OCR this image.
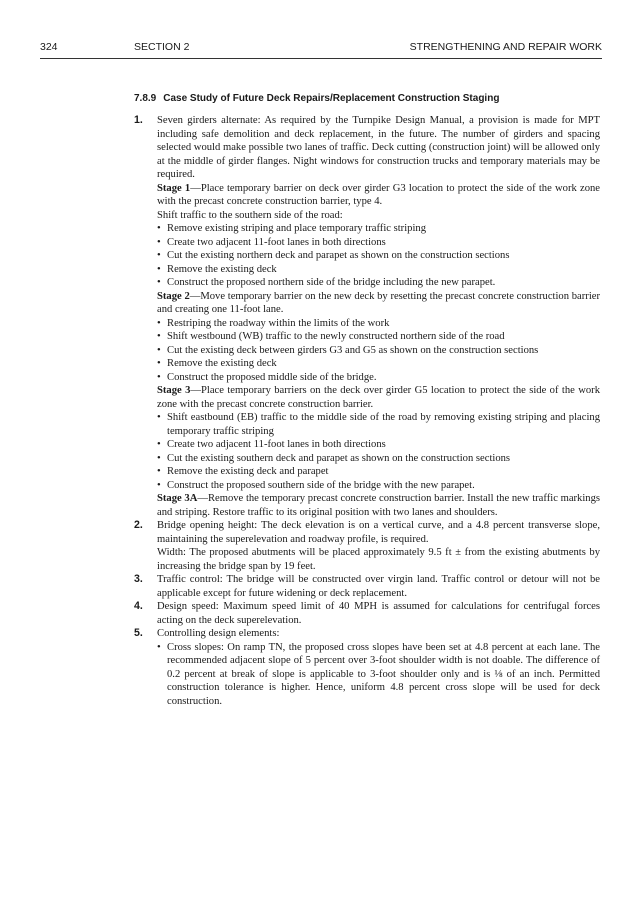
324	SECTION 2	STRENGTHENING AND REPAIR WORK
7.8.9 Case Study of Future Deck Repairs/Replacement Construction Staging
1. Seven girders alternate: As required by the Turnpike Design Manual, a provision is made for MPT including safe demolition and deck replacement, in the future. The number of girders and spacing selected would make possible two lanes of traffic. Deck cutting (construction joint) will be allowed only at the middle of girder flanges. Night windows for construction trucks and temporary materials may be required.

Stage 1—Place temporary barrier on deck over girder G3 location to protect the side of the work zone with the precast concrete construction barrier, type 4.

Shift traffic to the southern side of the road:

• Remove existing striping and place temporary traffic striping
• Create two adjacent 11-foot lanes in both directions
• Cut the existing northern deck and parapet as shown on the construction sections
• Remove the existing deck
• Construct the proposed northern side of the bridge including the new parapet.

Stage 2—Move temporary barrier on the new deck by resetting the precast concrete construction barrier and creating one 11-foot lane.

• Restriping the roadway within the limits of the work
• Shift westbound (WB) traffic to the newly constructed northern side of the road
• Cut the existing deck between girders G3 and G5 as shown on the construction sections
• Remove the existing deck
• Construct the proposed middle side of the bridge.

Stage 3—Place temporary barriers on the deck over girder G5 location to protect the side of the work zone with the precast concrete construction barrier.

• Shift eastbound (EB) traffic to the middle side of the road by removing existing striping and placing temporary traffic striping
• Create two adjacent 11-foot lanes in both directions
• Cut the existing southern deck and parapet as shown on the construction sections
• Remove the existing deck and parapet
• Construct the proposed southern side of the bridge with the new parapet.

Stage 3A—Remove the temporary precast concrete construction barrier. Install the new traffic markings and striping. Restore traffic to its original position with two lanes and shoulders.

2. Bridge opening height: The deck elevation is on a vertical curve, and a 4.8 percent transverse slope, maintaining the superelevation and roadway profile, is required.

Width: The proposed abutments will be placed approximately 9.5 ft ± from the existing abutments by increasing the bridge span by 19 feet.

3. Traffic control: The bridge will be constructed over virgin land. Traffic control or detour will not be applicable except for future widening or deck replacement.

4. Design speed: Maximum speed limit of 40 MPH is assumed for calculations for centrifugal forces acting on the deck superelevation.

5. Controlling design elements:

• Cross slopes: On ramp TN, the proposed cross slopes have been set at 4.8 percent at each lane. The recommended adjacent slope of 5 percent over 3-foot shoulder width is not doable. The difference of 0.2 percent at break of slope is applicable to 3-foot shoulder only and is ⅛ of an inch. Permitted construction tolerance is higher. Hence, uniform 4.8 percent cross slope will be used for deck construction.
